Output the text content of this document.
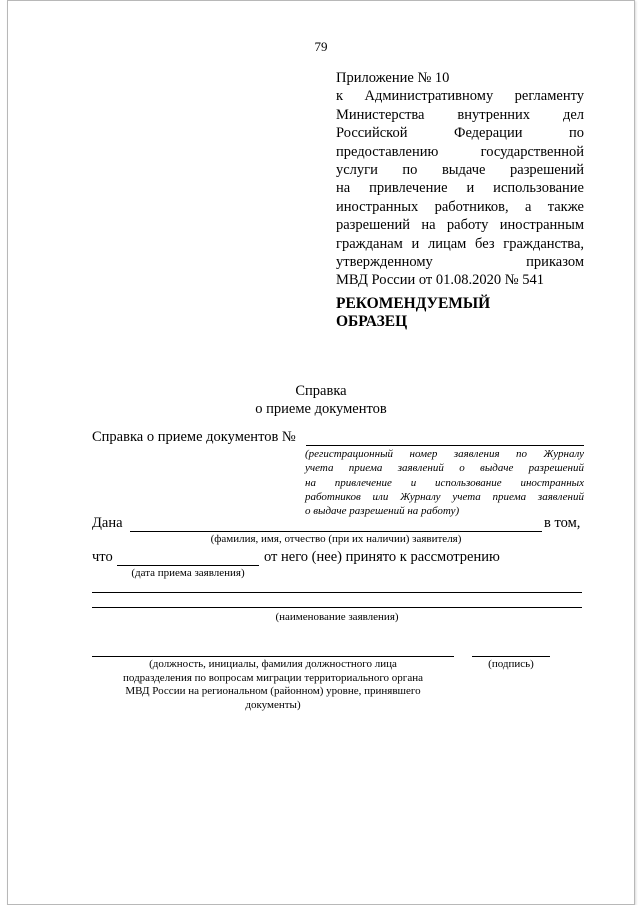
79
Приложение № 10
к Административному регламенту
Министерства внутренних дел
Российской Федерации по
предоставлению государственной
услуги по выдаче разрешений
на привлечение и использование
иностранных работников, а также
разрешений на работу иностранным
гражданам и лицам без гражданства,
утвержденному приказом
МВД России от 01.08.2020 № 541
РЕКОМЕНДУЕМЫЙ
ОБРАЗЕЦ
Справка
о приеме документов
Справка о приеме документов №
(регистрационный номер заявления по Журналу
учета приема заявлений о выдаче разрешений
на привлечение и использование иностранных
работников или Журналу учета приема заявлений
о выдаче разрешений на работу)
Дана	в том,
(фамилия, имя, отчество (при их наличии) заявителя)
что	от него (нее) принято к рассмотрению
(дата приема заявления)
(наименование заявления)
(должность, инициалы, фамилия должностного лица
подразделения по вопросам миграции территориального органа
МВД России на региональном (районном) уровне, принявшего
документы)
(подпись)
